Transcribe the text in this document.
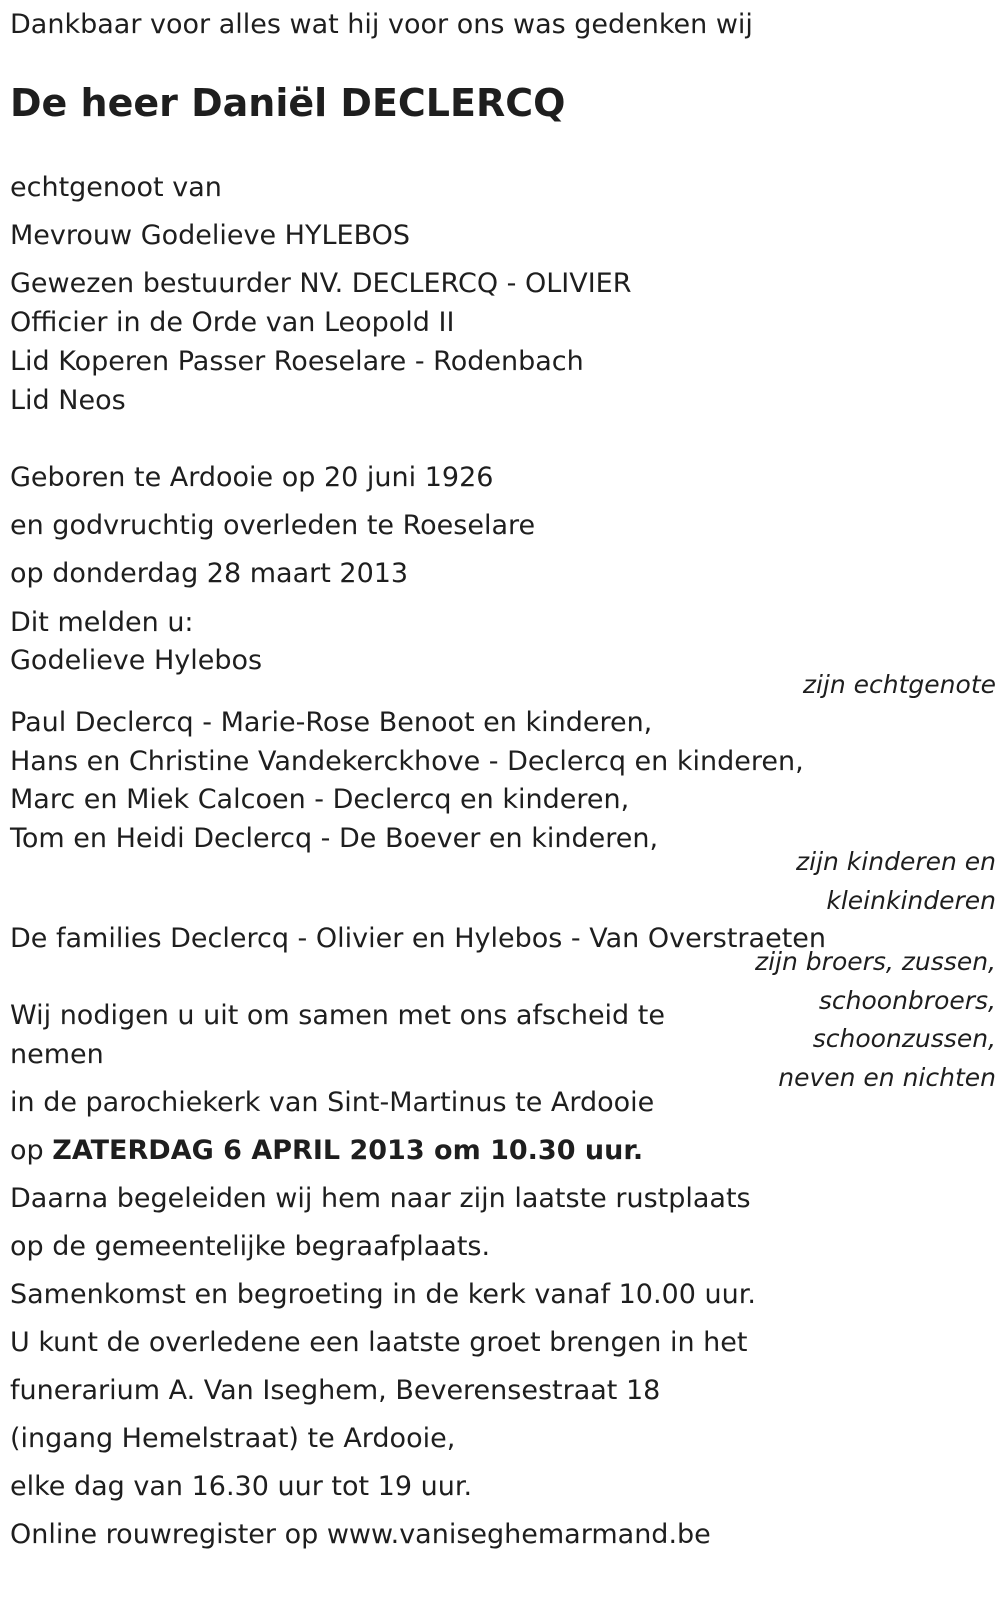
Dankbaar voor alles wat hij voor ons was gedenken wij
De heer Daniël DECLERCQ
echtgenoot van
Mevrouw Godelieve HYLEBOS
Gewezen bestuurder NV. DECLERCQ - OLIVIER
Officier in de Orde van Leopold II
Lid Koperen Passer Roeselare - Rodenbach
Lid Neos
Geboren te Ardooie op 20 juni 1926
en godvruchtig overleden te Roeselare
op donderdag 28 maart 2013
Dit melden u:
Godelieve Hylebos
zijn echtgenote
Paul Declercq - Marie-Rose Benoot en kinderen,
Hans en Christine Vandekerckhove - Declercq en kinderen,
Marc en Miek Calcoen - Declercq en kinderen,
Tom en Heidi Declercq - De Boever en kinderen,
zijn kinderen en
kleinkinderen
De families Declercq - Olivier en Hylebos - Van Overstraeten
zijn broers, zussen,
schoonbroers,
schoonzussen,
neven en nichten
Wij nodigen u uit om samen met ons afscheid te
nemen
in de parochiekerk van Sint-Martinus te Ardooie
op ZATERDAG 6 APRIL 2013 om 10.30 uur.
Daarna begeleiden wij hem naar zijn laatste rustplaats
op de gemeentelijke begraafplaats.
Samenkomst en begroeting in de kerk vanaf 10.00 uur.
U kunt de overledene een laatste groet brengen in het
funerarium A. Van Iseghem, Beverensestraat 18
(ingang Hemelstraat) te Ardooie,
elke dag van 16.30 uur tot 19 uur.
Online rouwregister op www.vaniseghemarmand.be
